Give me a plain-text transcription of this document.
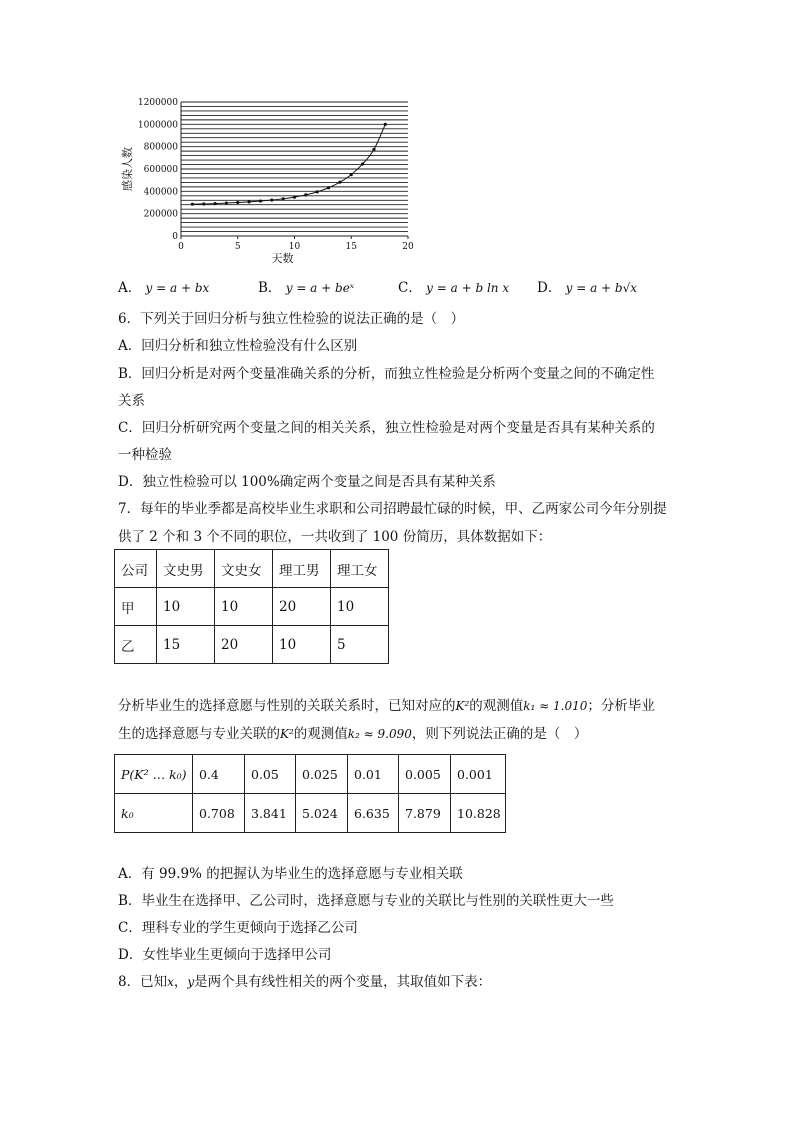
0
200000
400000
600000
800000
1000000
1200000
0	5	10	15	20
天数
感染人数
A． y = a + bx	B． y = a + beˣ	C． y = a + b ln x D． y = a + b√x
6．下列关于回归分析与独立性检验的说法正确的是（　）
A．回归分析和独立性检验没有什么区别
B．回归分析是对两个变量准确关系的分析，而独立性检验是分析两个变量之间的不确定性
关系
C．回归分析研究两个变量之间的相关关系，独立性检验是对两个变量是否具有某种关系的
一种检验
D．独立性检验可以 100%确定两个变量之间是否具有某种关系
7．每年的毕业季都是高校毕业生求职和公司招聘最忙碌的时候，甲、乙两家公司今年分别提
供了 2 个和 3 个不同的职位，一共收到了 100 份简历，具体数据如下：
公司	文史男	文史女	理工男	理工女
甲	10	10	20	10
乙	15	20	10	5
分析毕业生的选择意愿与性别的关联关系时，已知对应的K²的观测值k₁ ≈ 1.010；分析毕业
生的选择意愿与专业关联的K²的观测值k₂ ≈ 9.090，则下列说法正确的是（　）
P(K² … k₀)	0.4	0.05	0.025	0.01	0.005	0.001
k₀	0.708	3.841	5.024	6.635	7.879	10.828
A．有 99.9% 的把握认为毕业生的选择意愿与专业相关联
B．毕业生在选择甲、乙公司时，选择意愿与专业的关联比与性别的关联性更大一些
C．理科专业的学生更倾向于选择乙公司
D．女性毕业生更倾向于选择甲公司
8．已知x，y是两个具有线性相关的两个变量，其取值如下表：
